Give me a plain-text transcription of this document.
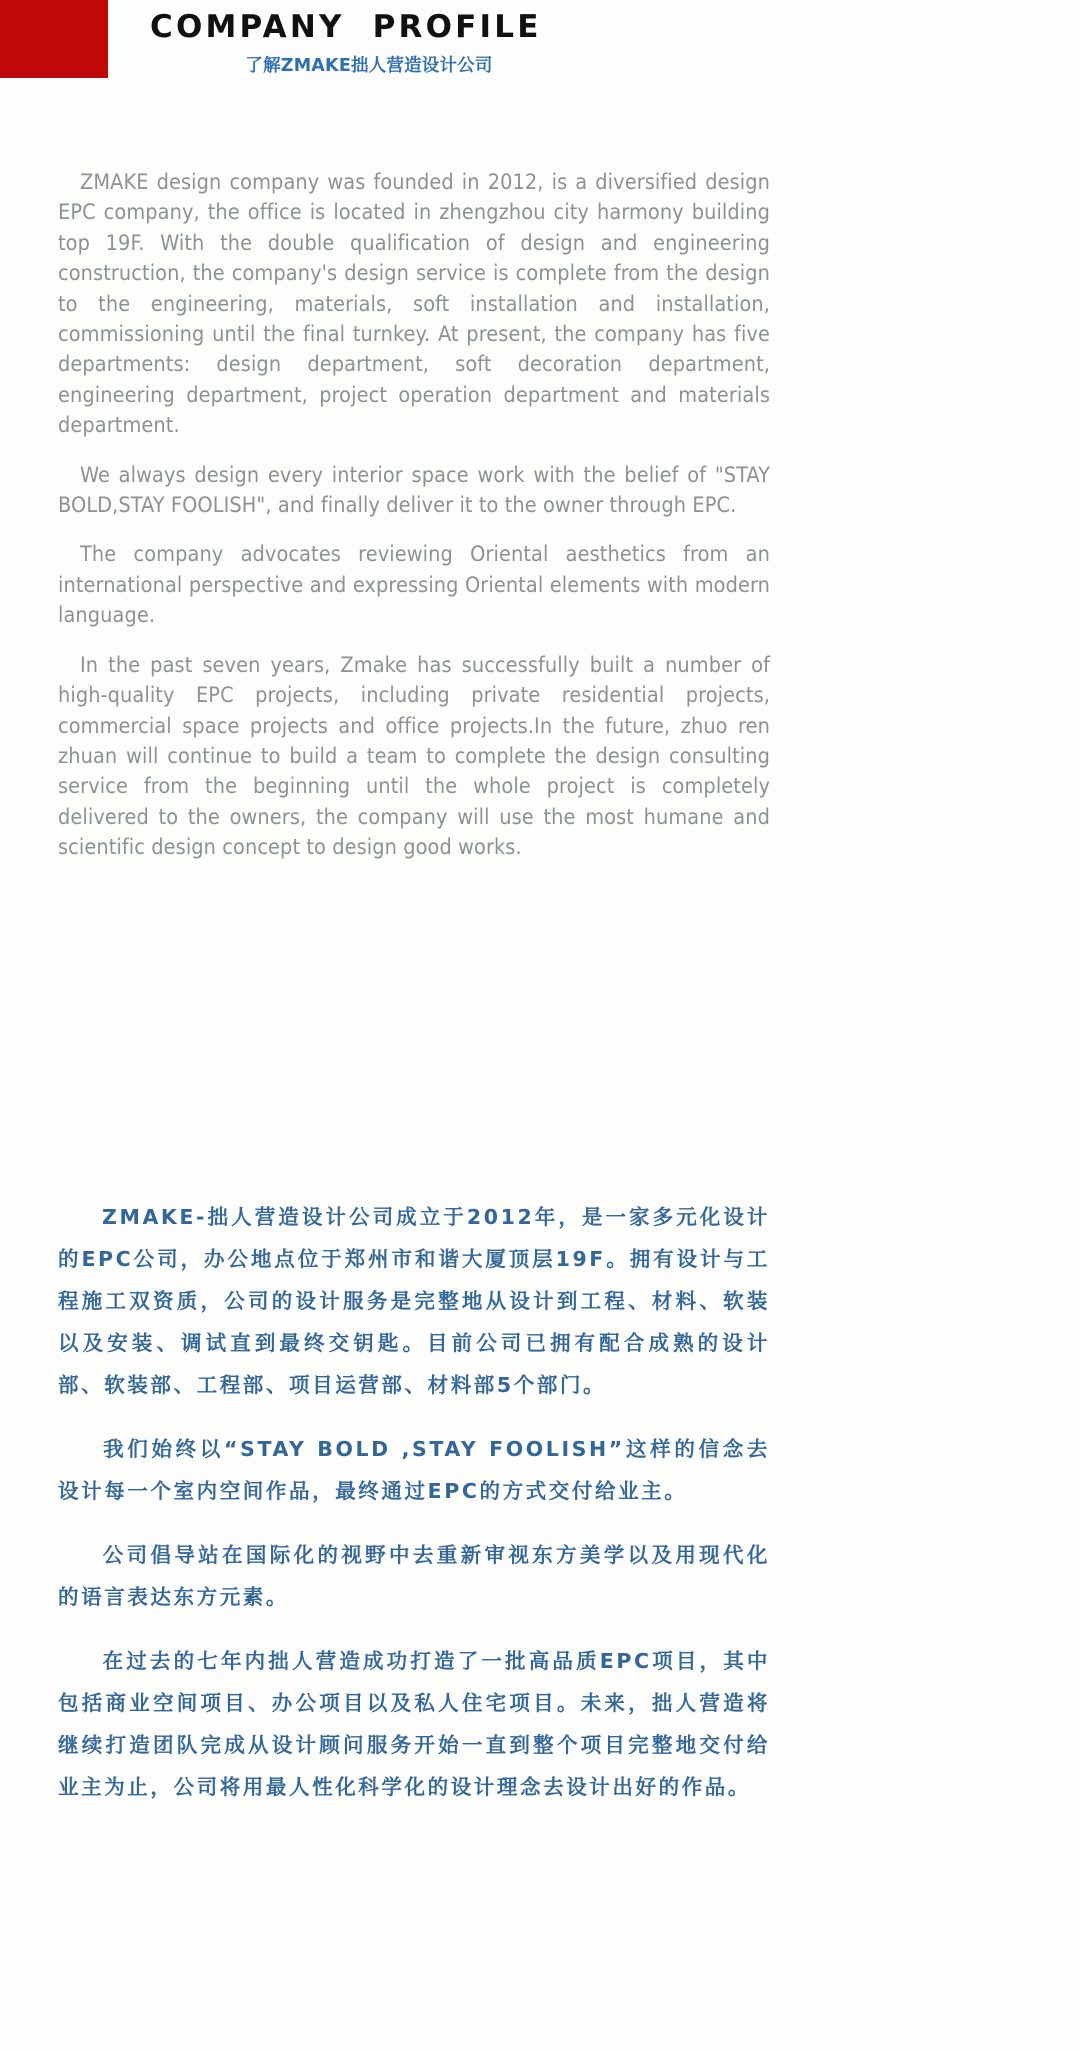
COMPANY  PROFILE
了解ZMAKE拙人营造设计公司

ZMAKE design company was founded in 2012, is a diversified design EPC company, the office is located in zhengzhou city harmony building top 19F. With the double qualification of design and engineering construction, the company's design service is complete from the design to the engineering, materials, soft installation and installation, commissioning until the final turnkey. At present, the company has five departments: design department, soft decoration department, engineering department, project operation department and materials department.

We always design every interior space work with the belief of "STAY BOLD,STAY FOOLISH", and finally deliver it to the owner through EPC.

The company advocates reviewing Oriental aesthetics from an international perspective and expressing Oriental elements with modern language.

In the past seven years, Zmake has successfully built a number of high-quality EPC projects, including private residential projects, commercial space projects and office projects.In the future, zhuo ren zhuan will continue to build a team to complete the design consulting service from the beginning until the whole project is completely delivered to the owners, the company will use the most humane and scientific design concept to design good works.

ZMAKE-拙人营造设计公司成立于2012年，是一家多元化设计的EPC公司，办公地点位于郑州市和谐大厦顶层19F。拥有设计与工程施工双资质，公司的设计服务是完整地从设计到工程、材料、软装以及安装、调试直到最终交钥匙。目前公司已拥有配合成熟的设计部、软装部、工程部、项目运营部、材料部5个部门。

我们始终以“STAY BOLD ,STAY FOOLISH”这样的信念去设计每一个室内空间作品，最终通过EPC的方式交付给业主。

公司倡导站在国际化的视野中去重新审视东方美学以及用现代化的语言表达东方元素。

在过去的七年内拙人营造成功打造了一批高品质EPC项目，其中包括商业空间项目、办公项目以及私人住宅项目。未来，拙人营造将继续打造团队完成从设计顾问服务开始一直到整个项目完整地交付给业主为止，公司将用最人性化科学化的设计理念去设计出好的作品。
